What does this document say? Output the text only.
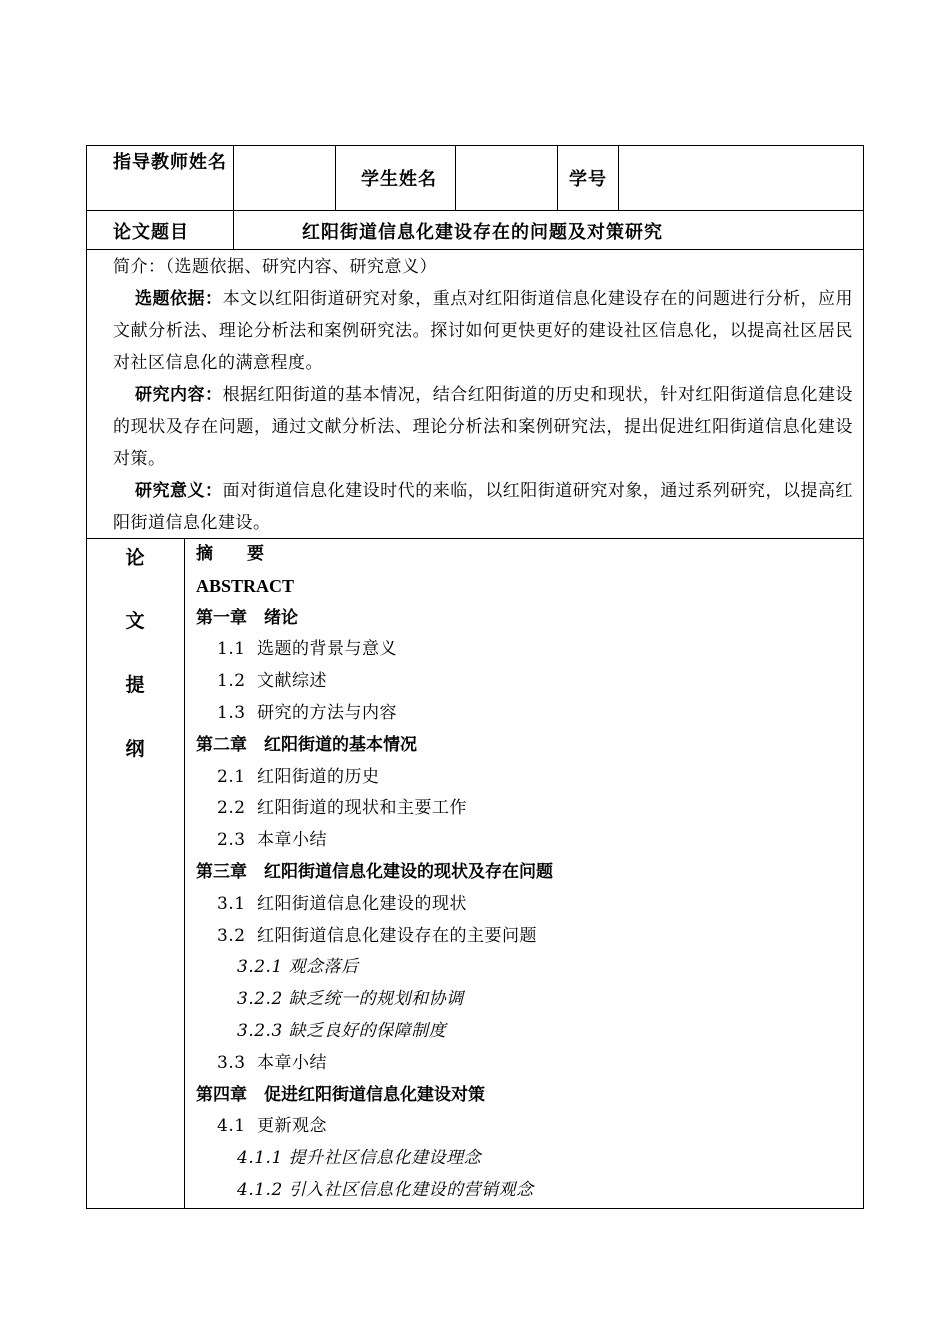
指导教师姓名
学生姓名	学号
论文题目	红阳街道信息化建设存在的问题及对策研究

简介：（选题依据、研究内容、研究意义）

选题依据：本文以红阳街道研究对象，重点对红阳街道信息化建设存在的问题进行分析，应用文献分析法、理论分析法和案例研究法。探讨如何更快更好的建设社区信息化，以提高社区居民对社区信息化的满意程度。

研究内容：根据红阳街道的基本情况，结合红阳街道的历史和现状，针对红阳街道信息化建设的现状及存在问题，通过文献分析法、理论分析法和案例研究法，提出促进红阳街道信息化建设对策。

研究意义：面对街道信息化建设时代的来临，以红阳街道研究对象，通过系列研究，以提高红阳街道信息化建设。

论
文
提
纲
摘　　要
ABSTRACT
第一章　绪论
1.1 选题的背景与意义
1.2 文献综述
1.3 研究的方法与内容
第二章　红阳街道的基本情况
2.1 红阳街道的历史
2.2 红阳街道的现状和主要工作
2.3 本章小结
第三章　红阳街道信息化建设的现状及存在问题
3.1 红阳街道信息化建设的现状
3.2 红阳街道信息化建设存在的主要问题
3.2.1 观念落后
3.2.2 缺乏统一的规划和协调
3.2.3 缺乏良好的保障制度
3.3 本章小结
第四章　促进红阳街道信息化建设对策
4.1 更新观念
4.1.1 提升社区信息化建设理念
4.1.2 引入社区信息化建设的营销观念
